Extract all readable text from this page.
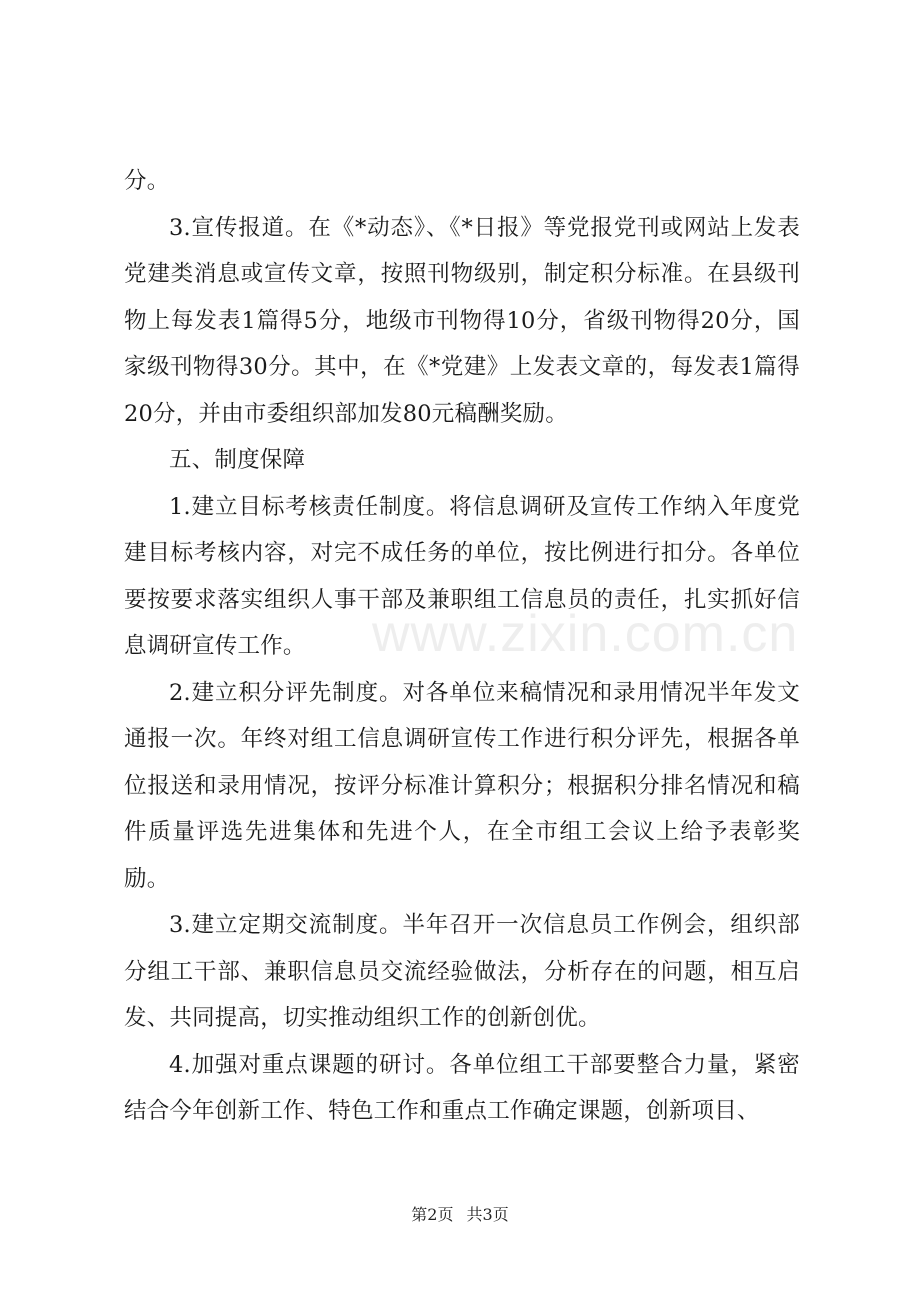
分。

3.宣传报道。在《*动态》、《*日报》等党报党刊或网站上发表党建类消息或宣传文章，按照刊物级别，制定积分标准。在县级刊物上每发表1篇得5分，地级市刊物得10分，省级刊物得20分，国家级刊物得30分。其中，在《*党建》上发表文章的，每发表1篇得20分，并由市委组织部加发80元稿酬奖励。

五、制度保障

1.建立目标考核责任制度。将信息调研及宣传工作纳入年度党建目标考核内容，对完不成任务的单位，按比例进行扣分。各单位要按要求落实组织人事干部及兼职组工信息员的责任，扎实抓好信息调研宣传工作。

2.建立积分评先制度。对各单位来稿情况和录用情况半年发文通报一次。年终对组工信息调研宣传工作进行积分评先，根据各单位报送和录用情况，按评分标准计算积分；根据积分排名情况和稿件质量评选先进集体和先进个人，在全市组工会议上给予表彰奖励。

3.建立定期交流制度。半年召开一次信息员工作例会，组织部分组工干部、兼职信息员交流经验做法，分析存在的问题，相互启发、共同提高，切实推动组织工作的创新创优。

4.加强对重点课题的研讨。各单位组工干部要整合力量，紧密结合今年创新工作、特色工作和重点工作确定课题，创新项目、

www.zixin.com.cn
第2页 共3页
